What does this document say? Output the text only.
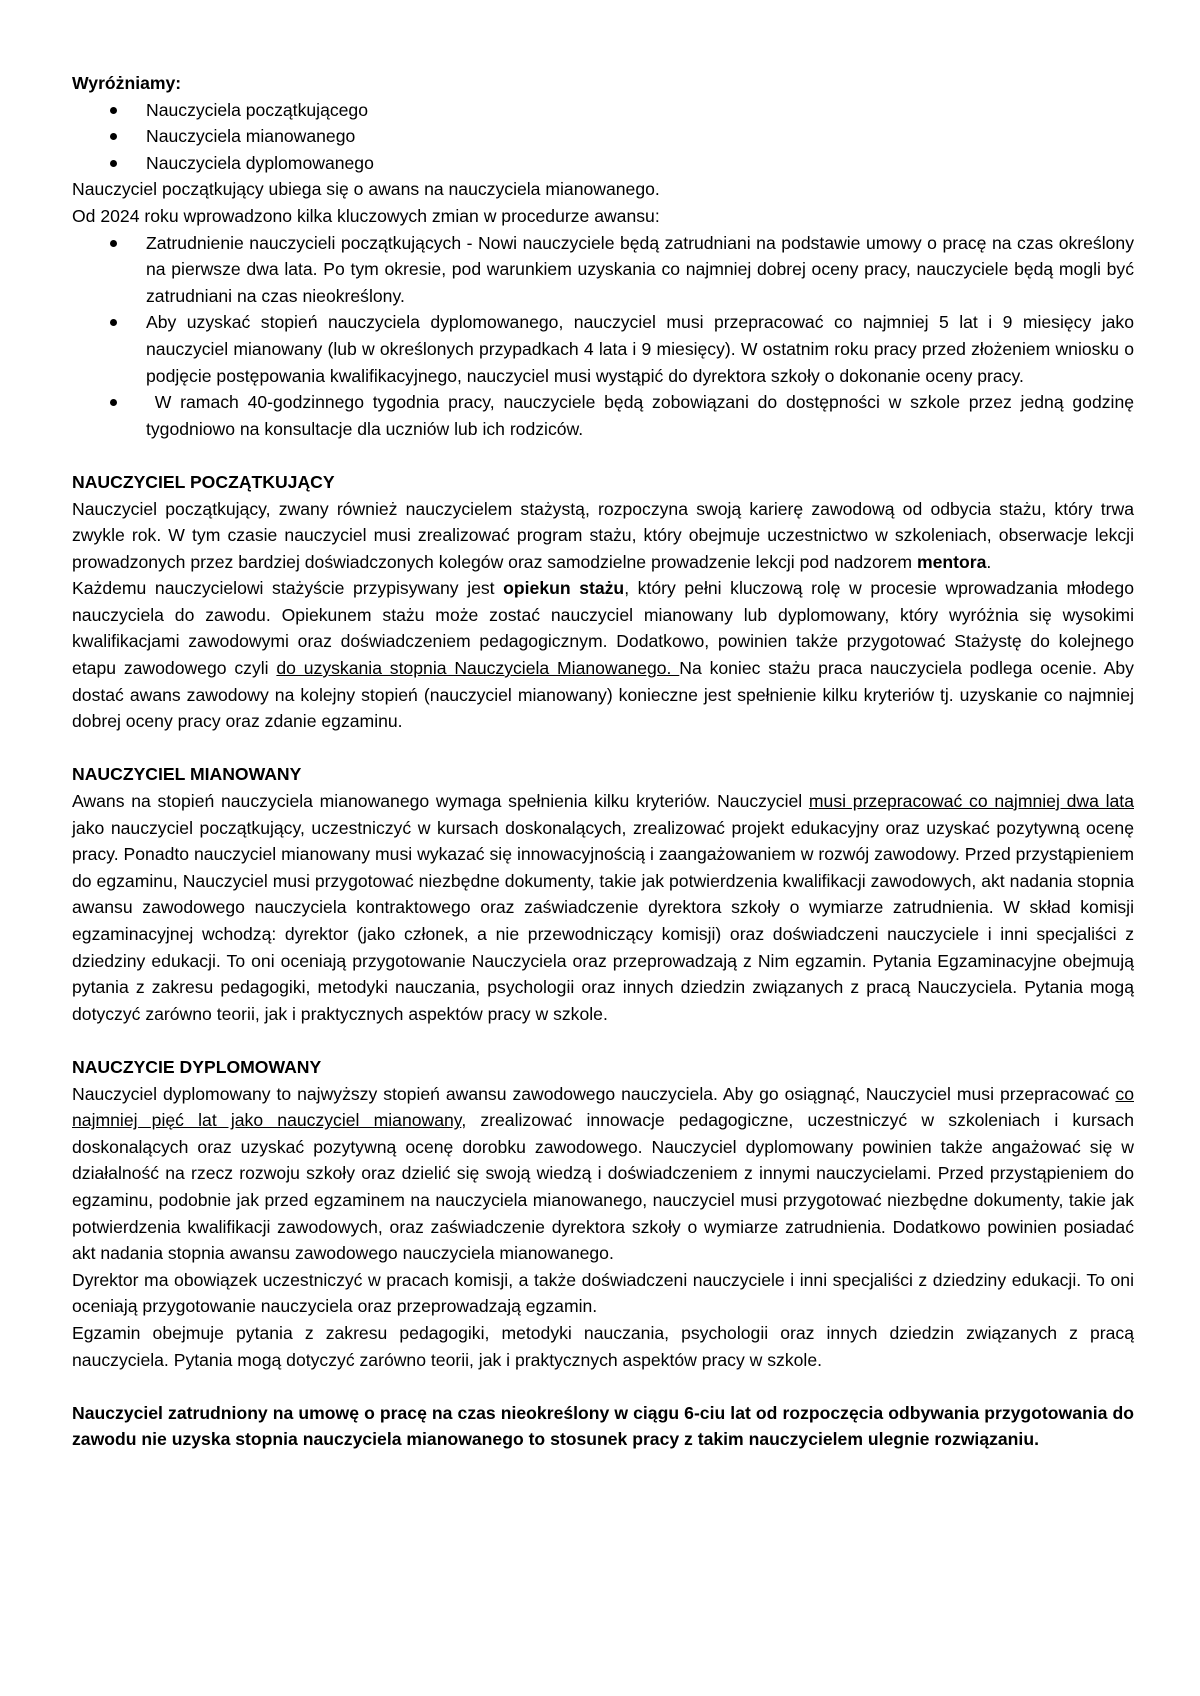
Wyróżniamy:

Nauczyciela początkującego
Nauczyciela mianowanego
Nauczyciela dyplomowanego

Nauczyciel początkujący ubiega się o awans na nauczyciela mianowanego.

Od 2024 roku wprowadzono kilka kluczowych zmian w procedurze awansu:

Zatrudnienie nauczycieli początkujących - Nowi nauczyciele będą zatrudniani na podstawie umowy o pracę na czas określony na pierwsze dwa lata. Po tym okresie, pod warunkiem uzyskania co najmniej dobrej oceny pracy, nauczyciele będą mogli być zatrudniani na czas nieokreślony.
Aby uzyskać stopień nauczyciela dyplomowanego, nauczyciel musi przepracować co najmniej 5 lat i 9 miesięcy jako nauczyciel mianowany (lub w określonych przypadkach 4 lata i 9 miesięcy). W ostatnim roku pracy przed złożeniem wniosku o podjęcie postępowania kwalifikacyjnego, nauczyciel musi wystąpić do dyrektora szkoły o dokonanie oceny pracy.
W ramach 40-godzinnego tygodnia pracy, nauczyciele będą zobowiązani do dostępności w szkole przez jedną godzinę tygodniowo na konsultacje dla uczniów lub ich rodziców.

NAUCZYCIEL POCZĄTKUJĄCY

Nauczyciel początkujący, zwany również nauczycielem stażystą, rozpoczyna swoją karierę zawodową od odbycia stażu, który trwa zwykle rok. W tym czasie nauczyciel musi zrealizować program stażu, który obejmuje uczestnictwo w szkoleniach, obserwacje lekcji prowadzonych przez bardziej doświadczonych kolegów oraz samodzielne prowadzenie lekcji pod nadzorem mentora.

Każdemu nauczycielowi stażyście przypisywany jest opiekun stażu, który pełni kluczową rolę w procesie wprowadzania młodego nauczyciela do zawodu. Opiekunem stażu może zostać nauczyciel mianowany lub dyplomowany, który wyróżnia się wysokimi kwalifikacjami zawodowymi oraz doświadczeniem pedagogicznym. Dodatkowo, powinien także przygotować Stażystę do kolejnego etapu zawodowego czyli do uzyskania stopnia Nauczyciela Mianowanego. Na koniec stażu praca nauczyciela podlega ocenie. Aby dostać awans zawodowy na kolejny stopień (nauczyciel mianowany) konieczne jest spełnienie kilku kryteriów tj. uzyskanie co najmniej dobrej oceny pracy oraz zdanie egzaminu.

NAUCZYCIEL MIANOWANY

Awans na stopień nauczyciela mianowanego wymaga spełnienia kilku kryteriów. Nauczyciel musi przepracować co najmniej dwa lata jako nauczyciel początkujący, uczestniczyć w kursach doskonalących, zrealizować projekt edukacyjny oraz uzyskać pozytywną ocenę pracy. Ponadto nauczyciel mianowany musi wykazać się innowacyjnością i zaangażowaniem w rozwój zawodowy. Przed przystąpieniem do egzaminu, Nauczyciel musi przygotować niezbędne dokumenty, takie jak potwierdzenia kwalifikacji zawodowych, akt nadania stopnia awansu zawodowego nauczyciela kontraktowego oraz zaświadczenie dyrektora szkoły o wymiarze zatrudnienia. W skład komisji egzaminacyjnej wchodzą: dyrektor (jako członek, a nie przewodniczący komisji) oraz doświadczeni nauczyciele i inni specjaliści z dziedziny edukacji. To oni oceniają przygotowanie Nauczyciela oraz przeprowadzają z Nim egzamin. Pytania Egzaminacyjne obejmują pytania z zakresu pedagogiki, metodyki nauczania, psychologii oraz innych dziedzin związanych z pracą Nauczyciela. Pytania mogą dotyczyć zarówno teorii, jak i praktycznych aspektów pracy w szkole.

NAUCZYCIE DYPLOMOWANY

Nauczyciel dyplomowany to najwyższy stopień awansu zawodowego nauczyciela. Aby go osiągnąć, Nauczyciel musi przepracować co najmniej pięć lat jako nauczyciel mianowany, zrealizować innowacje pedagogiczne, uczestniczyć w szkoleniach i kursach doskonalących oraz uzyskać pozytywną ocenę dorobku zawodowego. Nauczyciel dyplomowany powinien także angażować się w działalność na rzecz rozwoju szkoły oraz dzielić się swoją wiedzą i doświadczeniem z innymi nauczycielami. Przed przystąpieniem do egzaminu, podobnie jak przed egzaminem na nauczyciela mianowanego, nauczyciel musi przygotować niezbędne dokumenty, takie jak potwierdzenia kwalifikacji zawodowych, oraz zaświadczenie dyrektora szkoły o wymiarze zatrudnienia. Dodatkowo powinien posiadać akt nadania stopnia awansu zawodowego nauczyciela mianowanego.

Dyrektor ma obowiązek uczestniczyć w pracach komisji, a także doświadczeni nauczyciele i inni specjaliści z dziedziny edukacji. To oni oceniają przygotowanie nauczyciela oraz przeprowadzają egzamin.

Egzamin obejmuje pytania z zakresu pedagogiki, metodyki nauczania, psychologii oraz innych dziedzin związanych z pracą nauczyciela. Pytania mogą dotyczyć zarówno teorii, jak i praktycznych aspektów pracy w szkole.

Nauczyciel zatrudniony na umowę o pracę na czas nieokreślony w ciągu 6-ciu lat od rozpoczęcia odbywania przygotowania do zawodu nie uzyska stopnia nauczyciela mianowanego to stosunek pracy z takim nauczycielem ulegnie rozwiązaniu.
